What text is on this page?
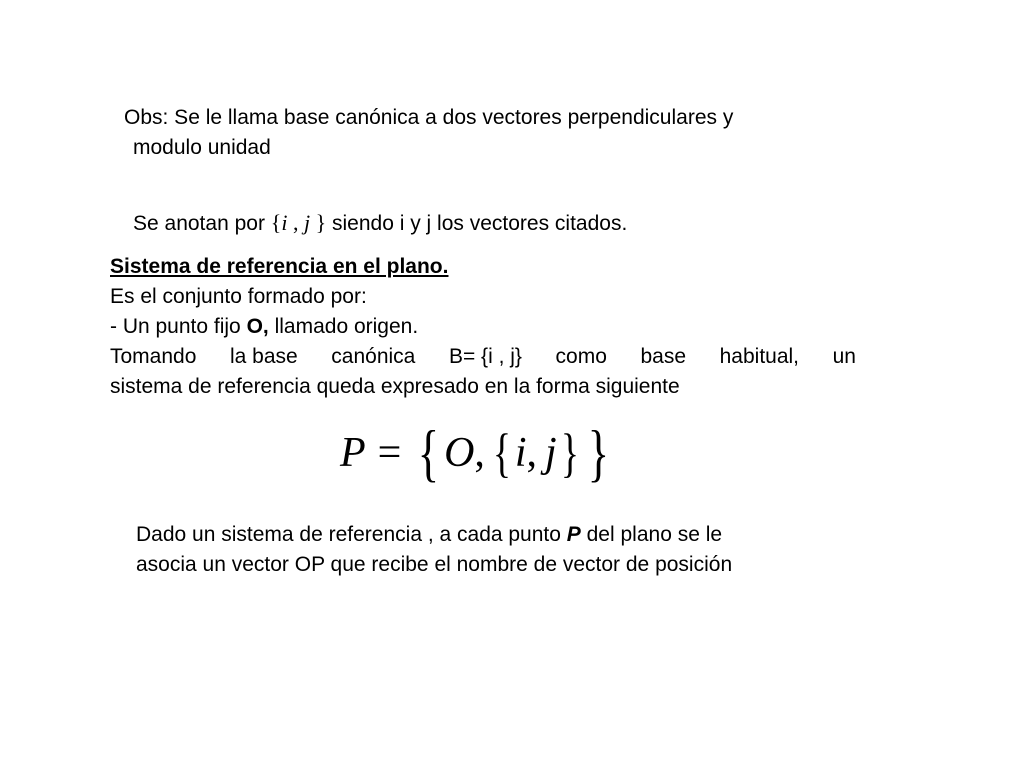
Obs: Se le llama base canónica a dos vectores perpendiculares y
modulo unidad
Se anotan por {i , j } siendo i y j los vectores citados.
Sistema de referencia en el plano.
Es el conjunto formado por:
- Un punto fijo O, llamado origen.
Tomando la base canónica B= {i , j} como base habitual, un
sistema de referencia queda expresado en la forma siguiente
P = { O , { i , j } }
Dado un sistema de referencia , a cada punto P del plano se le
asocia un vector OP que recibe el nombre de vector de posición
